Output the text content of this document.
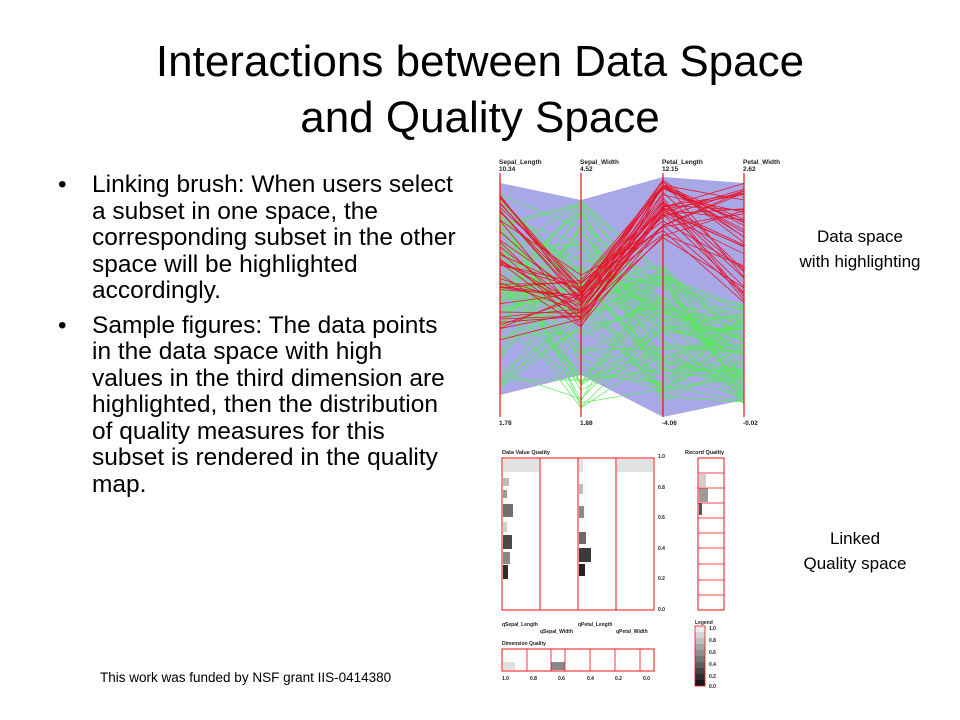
Interactions between Data Space
and Quality Space
• Linking brush: When users select a subset in one space, the corresponding subset in the other space will be highlighted accordingly.
• Sample figures: The data points in the data space with high values in the third dimension are highlighted, then the distribution of quality measures for this subset is rendered in the quality map.
This work was funded by NSF grant IIS-0414380
Data space
with highlighting
Linked
Quality space
Sepal_Length
10.34
1.78
Sepal_Width
4.52
1.88
Petal_Length
12.15
-4.06
Petal_Width
2.62
-0.02
Data Value Quality	Record Quality
1.0
0.8
0.6
0.4
0.2
0.0
qSepal_Length
qSepal_Width
qPetal_Length
qPetal_Width
Dimension Quality
Legend
1.0	0.8	0.6	0.4	0.2	0.0
1.0
0.8
0.6
0.4
0.2
0.0
